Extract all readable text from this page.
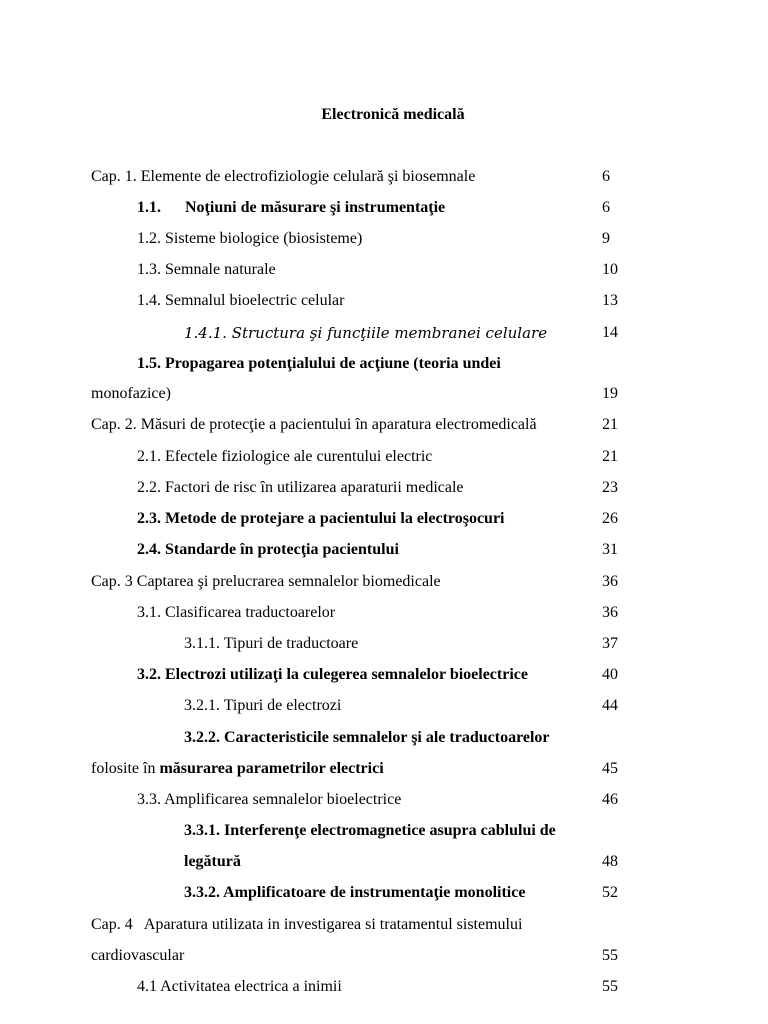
Electronică medicală
Cap. 1. Elemente de electrofiziologie celulară şi biosemnale	6
1.1. Noţiuni de măsurare şi instrumentaţie	6
1.2. Sisteme biologice (biosisteme)	9
1.3. Semnale naturale	10
1.4. Semnalul bioelectric celular	13
1.4.1. Structura şi funcţiile membranei celulare	14
1.5. Propagarea potenţialului de acţiune (teoria undei
monofazice)	19
Cap. 2. Măsuri de protecţie a pacientului în aparatura electromedicală	21
2.1. Efectele fiziologice ale curentului electric	21
2.2. Factori de risc în utilizarea aparaturii medicale	23
2.3. Metode de protejare a pacientului la electroşocuri	26
2.4. Standarde în protecţia pacientului	31
Cap. 3 Captarea şi prelucrarea semnalelor biomedicale	36
3.1. Clasificarea traductoarelor	36
3.1.1. Tipuri de traductoare	37
3.2. Electrozi utilizaţi la culegerea semnalelor bioelectrice	40
3.2.1. Tipuri de electrozi	44
3.2.2. Caracteristicile semnalelor şi ale traductoarelor
folosite în măsurarea parametrilor electrici	45
3.3. Amplificarea semnalelor bioelectrice	46
3.3.1. Interferenţe electromagnetice asupra cablului de
legătură	48
3.3.2. Amplificatoare de instrumentaţie monolitice	52
Cap. 4   Aparatura utilizata in investigarea si tratamentul sistemului
cardiovascular	55
4.1 Activitatea electrica a inimii	55
